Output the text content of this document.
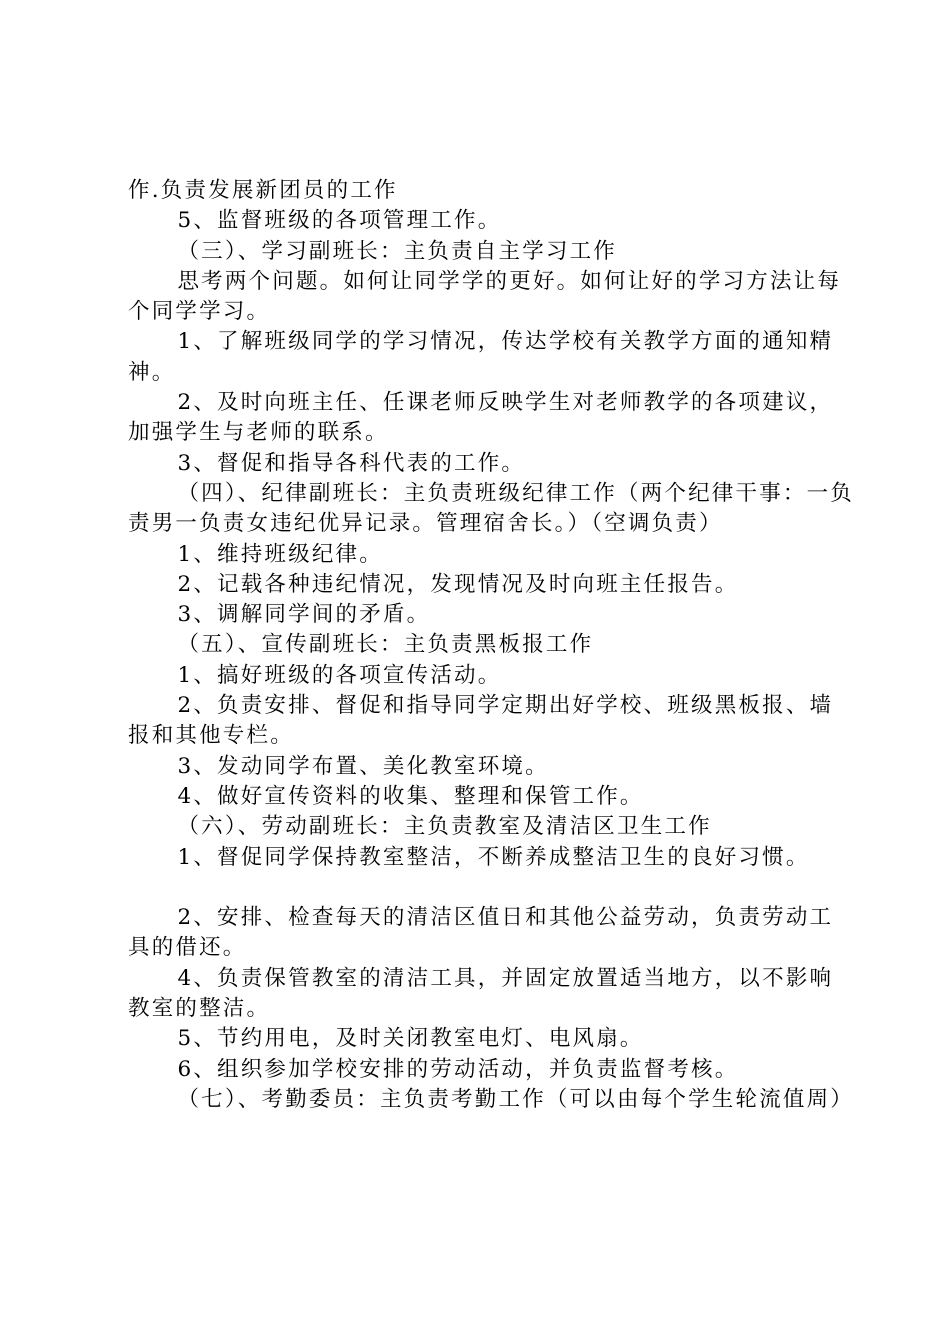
作.负责发展新团员的工作

5、监督班级的各项管理工作。

（三）、学习副班长：主负责自主学习工作

思考两个问题。如何让同学学的更好。如何让好的学习方法让每个同学学习。

1、了解班级同学的学习情况，传达学校有关教学方面的通知精神。

2、及时向班主任、任课老师反映学生对老师教学的各项建议，加强学生与老师的联系。

3、督促和指导各科代表的工作。

（四）、纪律副班长：主负责班级纪律工作（两个纪律干事：一负责男一负责女违纪优异记录。管理宿舍长。）（空调负责）

1、维持班级纪律。

2、记载各种违纪情况，发现情况及时向班主任报告。

3、调解同学间的矛盾。

（五）、宣传副班长：主负责黑板报工作

1、搞好班级的各项宣传活动。

2、负责安排、督促和指导同学定期出好学校、班级黑板报、墙报和其他专栏。

3、发动同学布置、美化教室环境。

4、做好宣传资料的收集、整理和保管工作。

（六）、劳动副班长：主负责教室及清洁区卫生工作

1、督促同学保持教室整洁，不断养成整洁卫生的良好习惯。

2、安排、检查每天的清洁区值日和其他公益劳动，负责劳动工具的借还。

4、负责保管教室的清洁工具，并固定放置适当地方，以不影响教室的整洁。

5、节约用电，及时关闭教室电灯、电风扇。

6、组织参加学校安排的劳动活动，并负责监督考核。

（七）、考勤委员：主负责考勤工作（可以由每个学生轮流值周）
